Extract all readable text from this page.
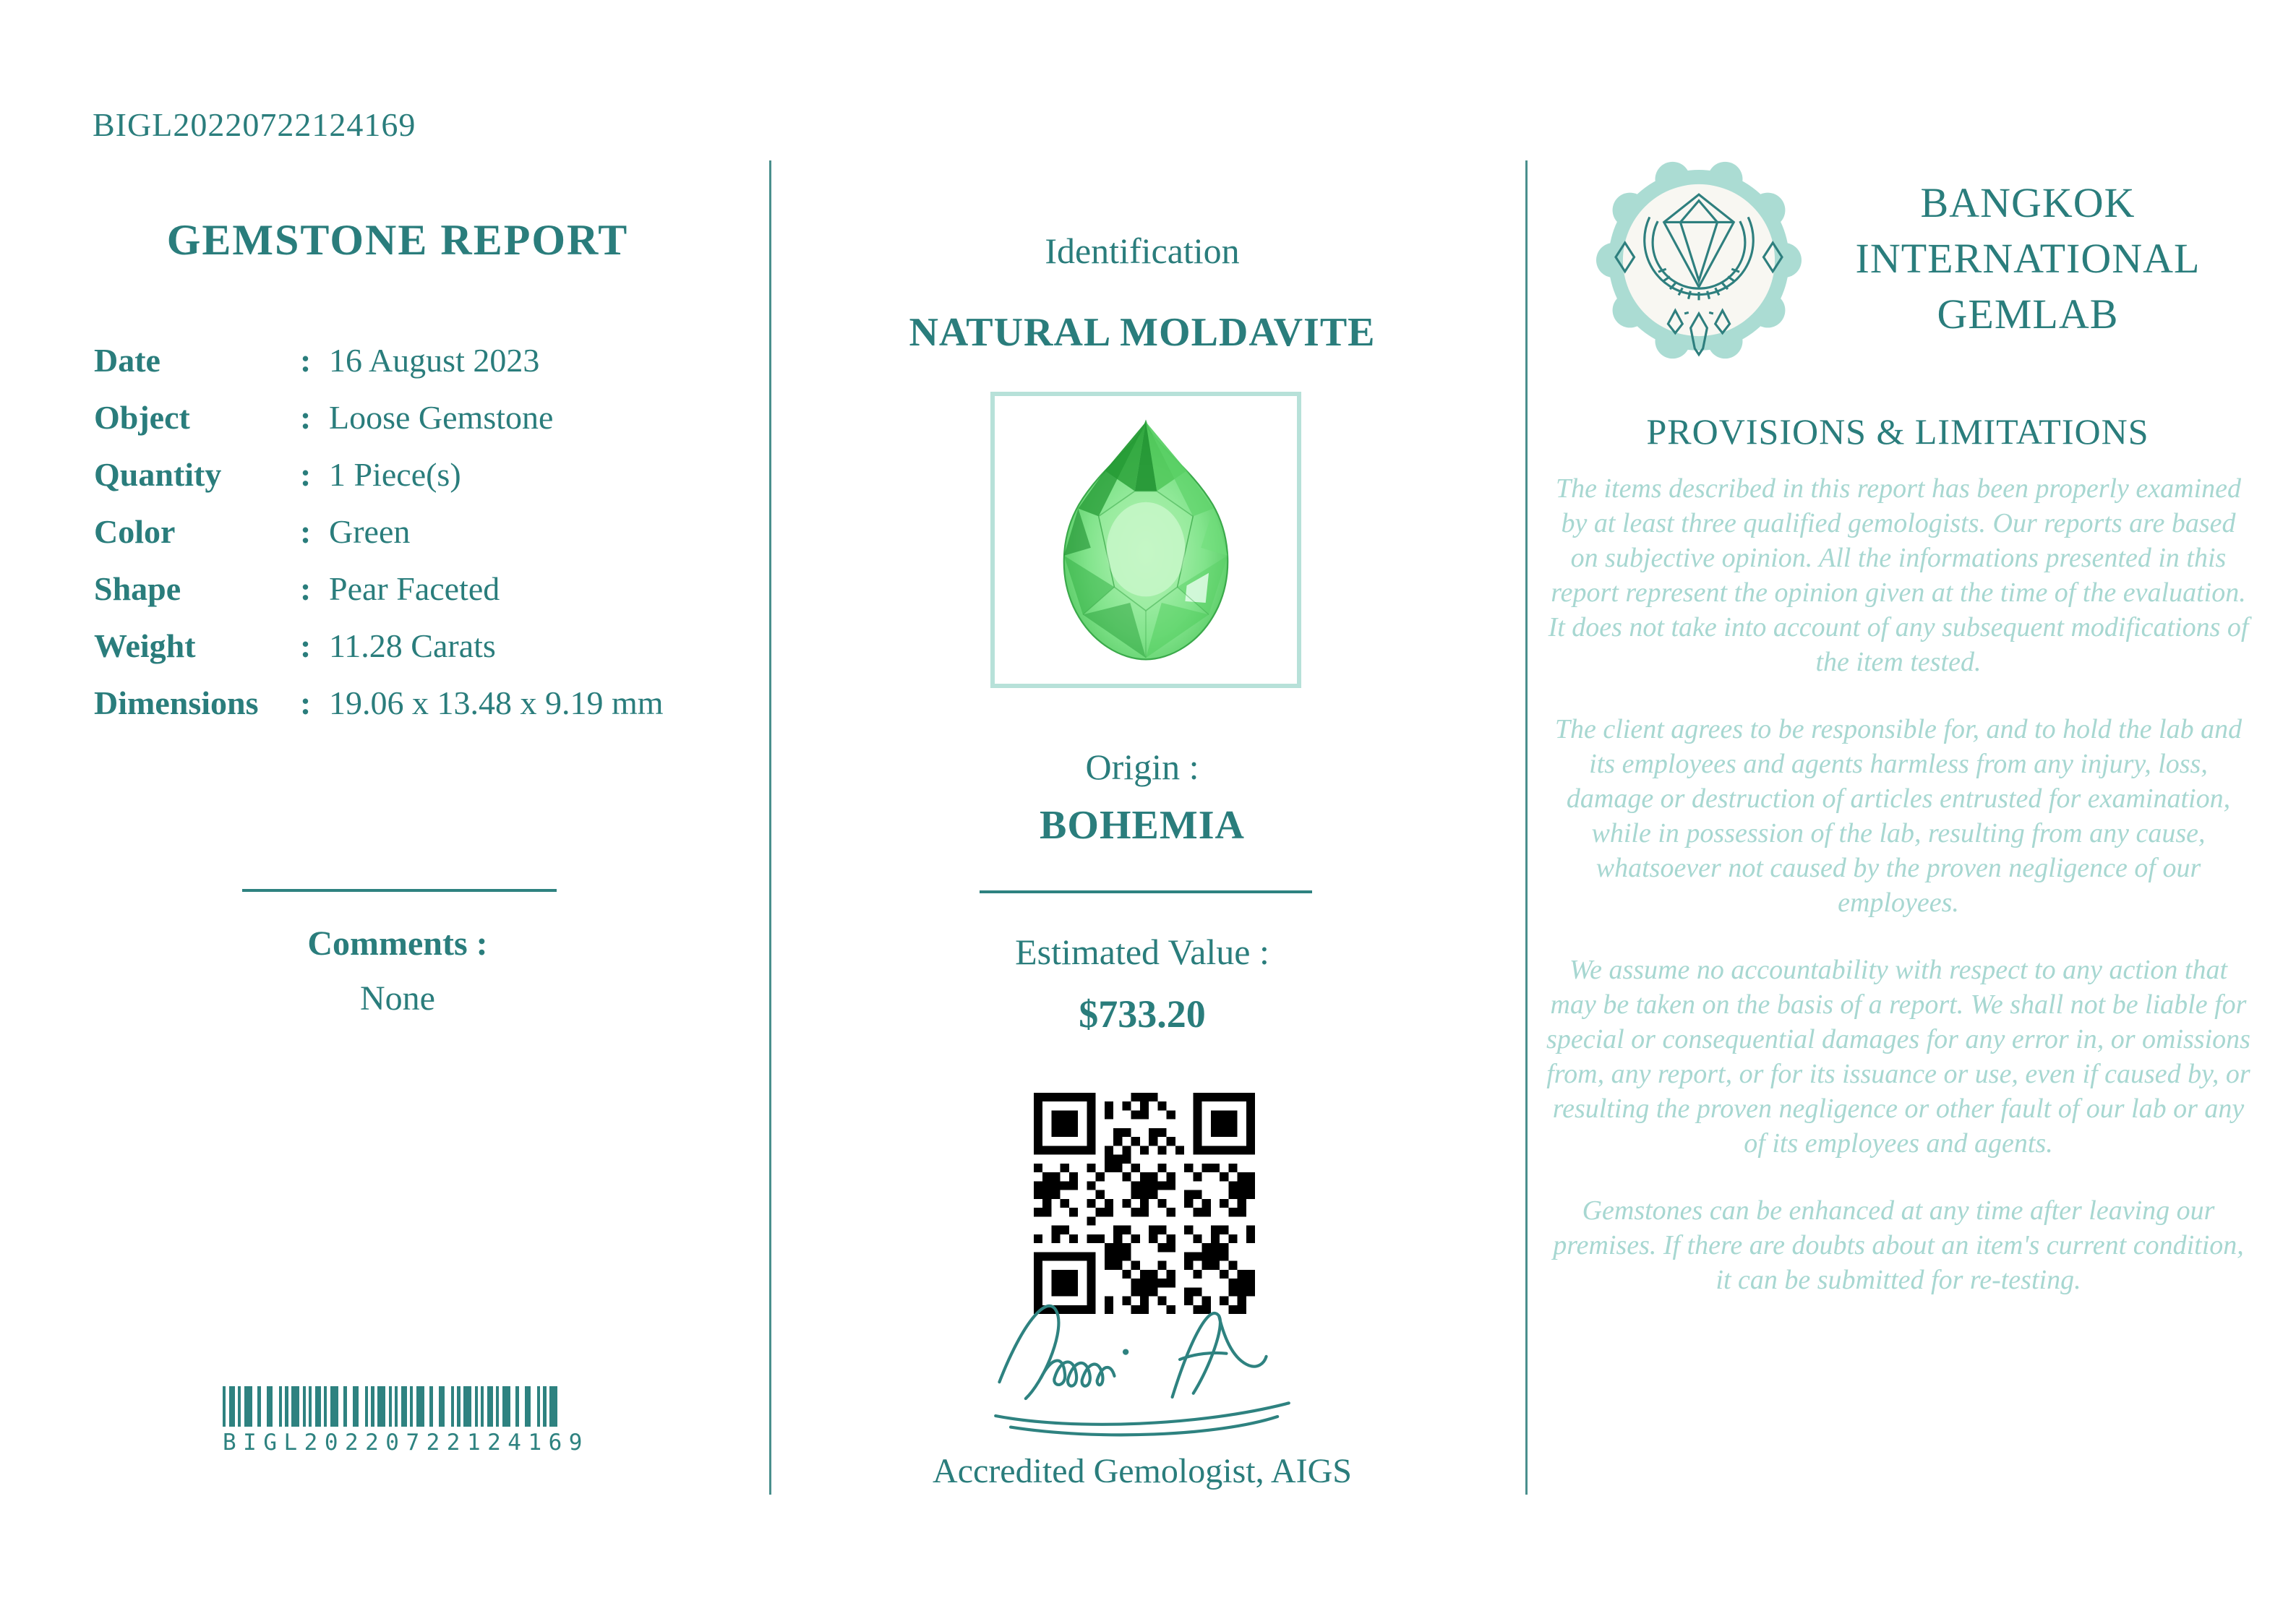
BIGL20220722124169
GEMSTONE REPORT
Date	: 16 August 2023
Object	: Loose Gemstone
Quantity	: 1 Piece(s)
Color	: Green
Shape	: Pear Faceted
Weight	: 11.28 Carats
Dimensions	: 19.06 x 13.48 x 9.19 mm
Comments :
None
BIGL20220722124169
Identification
NATURAL MOLDAVITE
Origin :
BOHEMIA
Estimated Value :
$733.20
Accredited Gemologist, AIGS
BANGKOK
INTERNATIONAL
GEMLAB
PROVISIONS & LIMITATIONS
The items described in this report has been properly examined by at least three qualified gemologists. Our reports are based on subjective opinion. All the informations presented in this report represent the opinion given at the time of the evaluation. It does not take into account of any subsequent modifications of the item tested.
The client agrees to be responsible for, and to hold the lab and its employees and agents harmless from any injury, loss, damage or destruction of articles entrusted for examination, while in possession of the lab, resulting from any cause, whatsoever not caused by the proven negligence of our employees.
We assume no accountability with respect to any action that may be taken on the basis of a report. We shall not be liable for special or consequential damages for any error in, or omissions from, any report, or for its issuance or use, even if caused by, or resulting the proven negligence or other fault of our lab or any of its employees and agents.
Gemstones can be enhanced at any time after leaving our premises. If there are doubts about an item's current condition, it can be submitted for re-testing.
